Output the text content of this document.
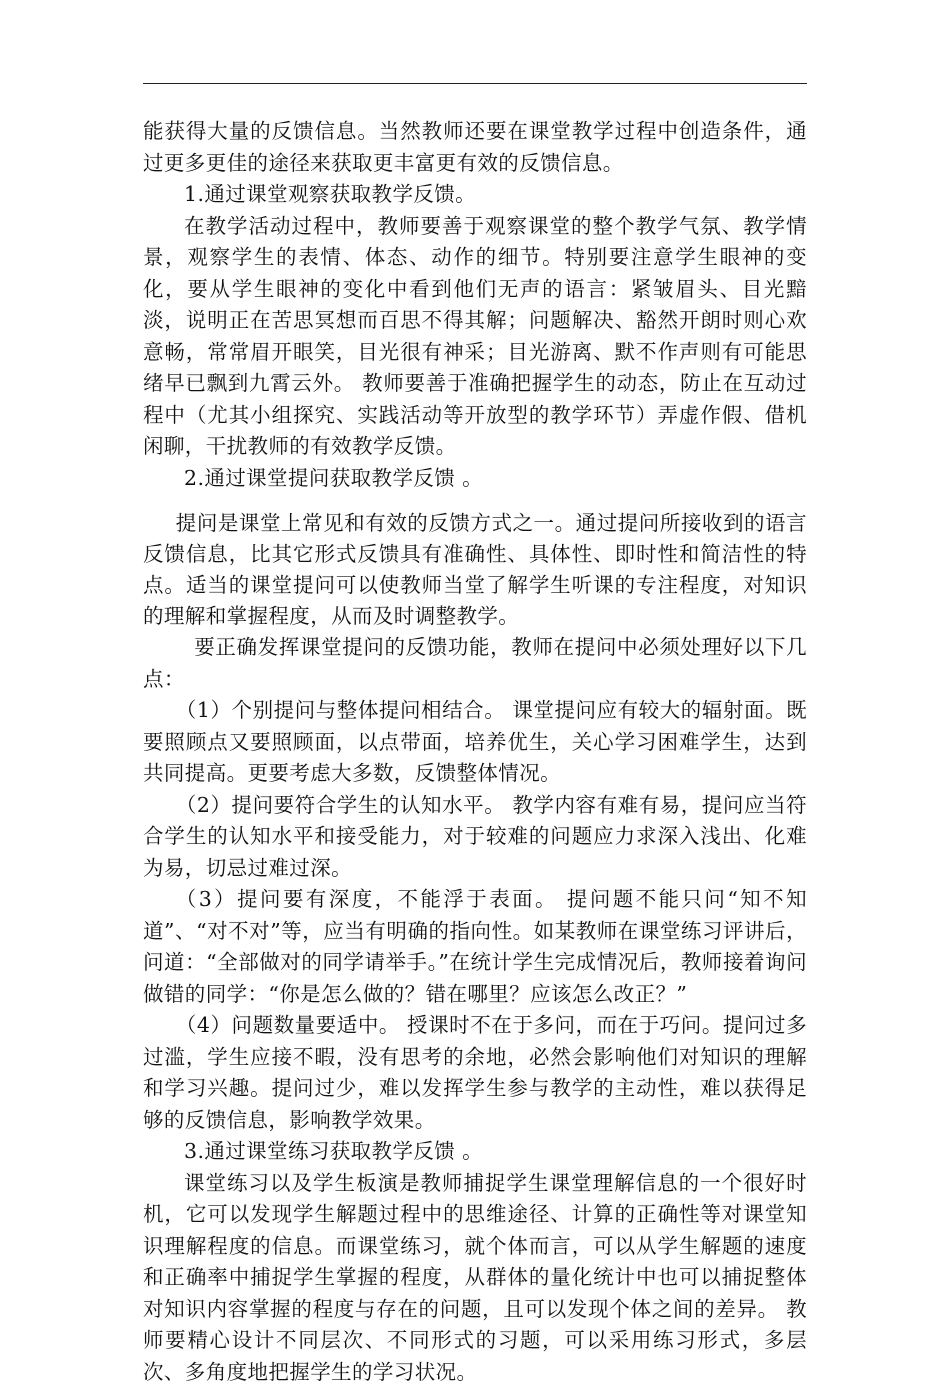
能获得大量的反馈信息。当然教师还要在课堂教学过程中创造条件，通过更多更佳的途径来获取更丰富更有效的反馈信息。

1.通过课堂观察获取教学反馈。

在教学活动过程中，教师要善于观察课堂的整个教学气氛、教学情景，观察学生的表情、体态、动作的细节。特别要注意学生眼神的变化，要从学生眼神的变化中看到他们无声的语言：紧皱眉头、目光黯淡，说明正在苦思冥想而百思不得其解；问题解决、豁然开朗时则心欢意畅，常常眉开眼笑，目光很有神采；目光游离、默不作声则有可能思绪早已飘到九霄云外。 教师要善于准确把握学生的动态，防止在互动过程中（尤其小组探究、实践活动等开放型的教学环节）弄虚作假、借机闲聊，干扰教师的有效教学反馈。

2.通过课堂提问获取教学反馈 。

提问是课堂上常见和有效的反馈方式之一。通过提问所接收到的语言反馈信息，比其它形式反馈具有准确性、具体性、即时性和简洁性的特点。适当的课堂提问可以使教师当堂了解学生听课的专注程度，对知识的理解和掌握程度，从而及时调整教学。

要正确发挥课堂提问的反馈功能，教师在提问中必须处理好以下几点：

（1）个别提问与整体提问相结合。 课堂提问应有较大的辐射面。既要照顾点又要照顾面，以点带面，培养优生，关心学习困难学生，达到共同提高。更要考虑大多数，反馈整体情况。

（2）提问要符合学生的认知水平。 教学内容有难有易，提问应当符合学生的认知水平和接受能力，对于较难的问题应力求深入浅出、化难为易，切忌过难过深。

（3）提问要有深度，不能浮于表面。 提问题不能只问“知不知道”、“对不对”等，应当有明确的指向性。如某教师在课堂练习评讲后，问道：“全部做对的同学请举手。”在统计学生完成情况后，教师接着询问做错的同学：“你是怎么做的？错在哪里？应该怎么改正？”

（4）问题数量要适中。 授课时不在于多问，而在于巧问。提问过多过滥，学生应接不暇，没有思考的余地，必然会影响他们对知识的理解和学习兴趣。提问过少，难以发挥学生参与教学的主动性，难以获得足够的反馈信息，影响教学效果。

3.通过课堂练习获取教学反馈 。

课堂练习以及学生板演是教师捕捉学生课堂理解信息的一个很好时机，它可以发现学生解题过程中的思维途径、计算的正确性等对课堂知识理解程度的信息。而课堂练习，就个体而言，可以从学生解题的速度和正确率中捕捉学生掌握的程度，从群体的量化统计中也可以捕捉整体对知识内容掌握的程度与存在的问题，且可以发现个体之间的差异。 教师要精心设计不同层次、不同形式的习题，可以采用练习形式，多层次、多角度地把握学生的学习状况。
